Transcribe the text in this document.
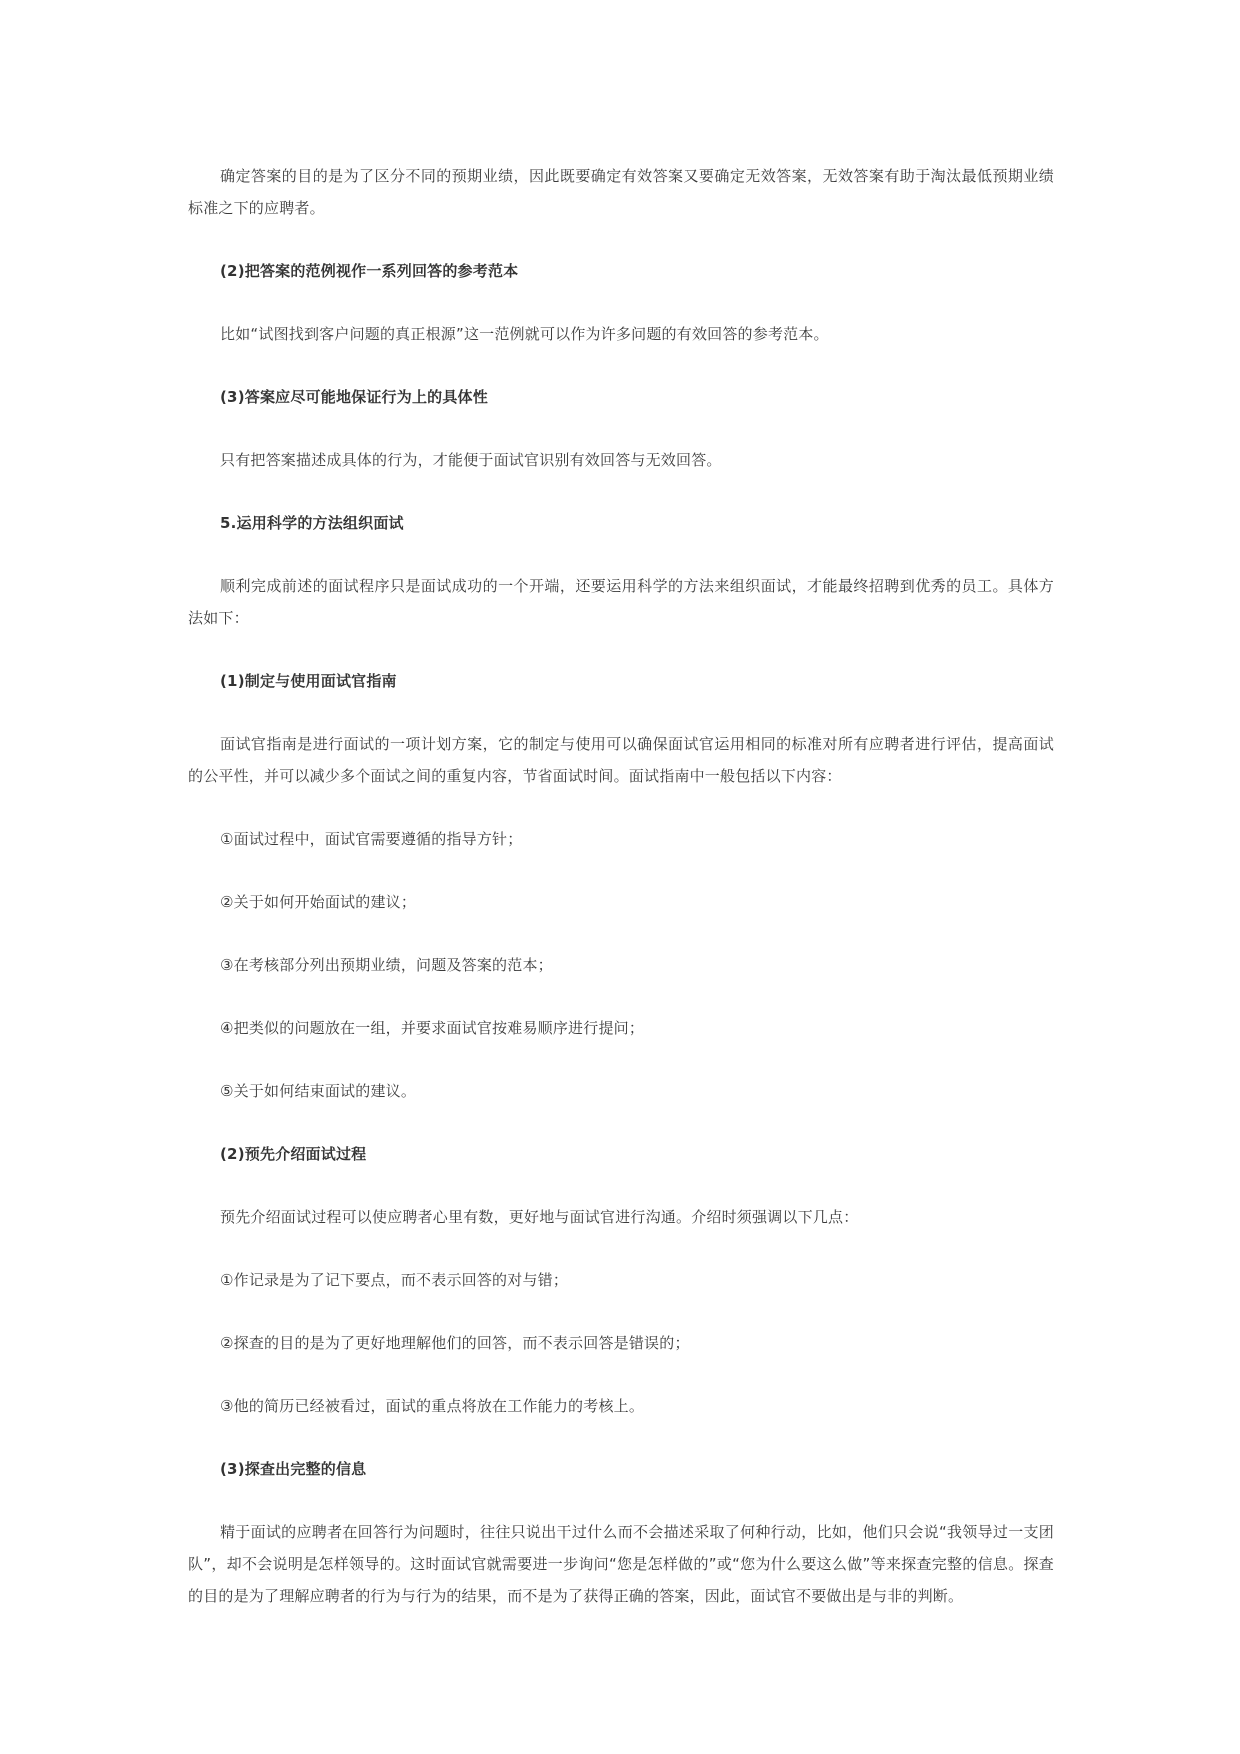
确定答案的目的是为了区分不同的预期业绩，因此既要确定有效答案又要确定无效答案，无效答案有助于淘汰最低预期业绩标准之下的应聘者。

(2)把答案的范例视作一系列回答的参考范本

比如“试图找到客户问题的真正根源”这一范例就可以作为许多问题的有效回答的参考范本。

(3)答案应尽可能地保证行为上的具体性

只有把答案描述成具体的行为，才能便于面试官识别有效回答与无效回答。

5.运用科学的方法组织面试

顺利完成前述的面试程序只是面试成功的一个开端，还要运用科学的方法来组织面试，才能最终招聘到优秀的员工。具体方法如下：

(1)制定与使用面试官指南

面试官指南是进行面试的一项计划方案，它的制定与使用可以确保面试官运用相同的标准对所有应聘者进行评估，提高面试的公平性，并可以减少多个面试之间的重复内容，节省面试时间。面试指南中一般包括以下内容：

①面试过程中，面试官需要遵循的指导方针；

②关于如何开始面试的建议；

③在考核部分列出预期业绩，问题及答案的范本；

④把类似的问题放在一组，并要求面试官按难易顺序进行提问；

⑤关于如何结束面试的建议。

(2)预先介绍面试过程

预先介绍面试过程可以使应聘者心里有数，更好地与面试官进行沟通。介绍时须强调以下几点：

①作记录是为了记下要点，而不表示回答的对与错；

②探查的目的是为了更好地理解他们的回答，而不表示回答是错误的；

③他的简历已经被看过，面试的重点将放在工作能力的考核上。

(3)探查出完整的信息

精于面试的应聘者在回答行为问题时，往往只说出干过什么而不会描述采取了何种行动，比如，他们只会说“我领导过一支团队”，却不会说明是怎样领导的。这时面试官就需要进一步询问“您是怎样做的”或“您为什么要这么做”等来探查完整的信息。探查的目的是为了理解应聘者的行为与行为的结果，而不是为了获得正确的答案，因此，面试官不要做出是与非的判断。
